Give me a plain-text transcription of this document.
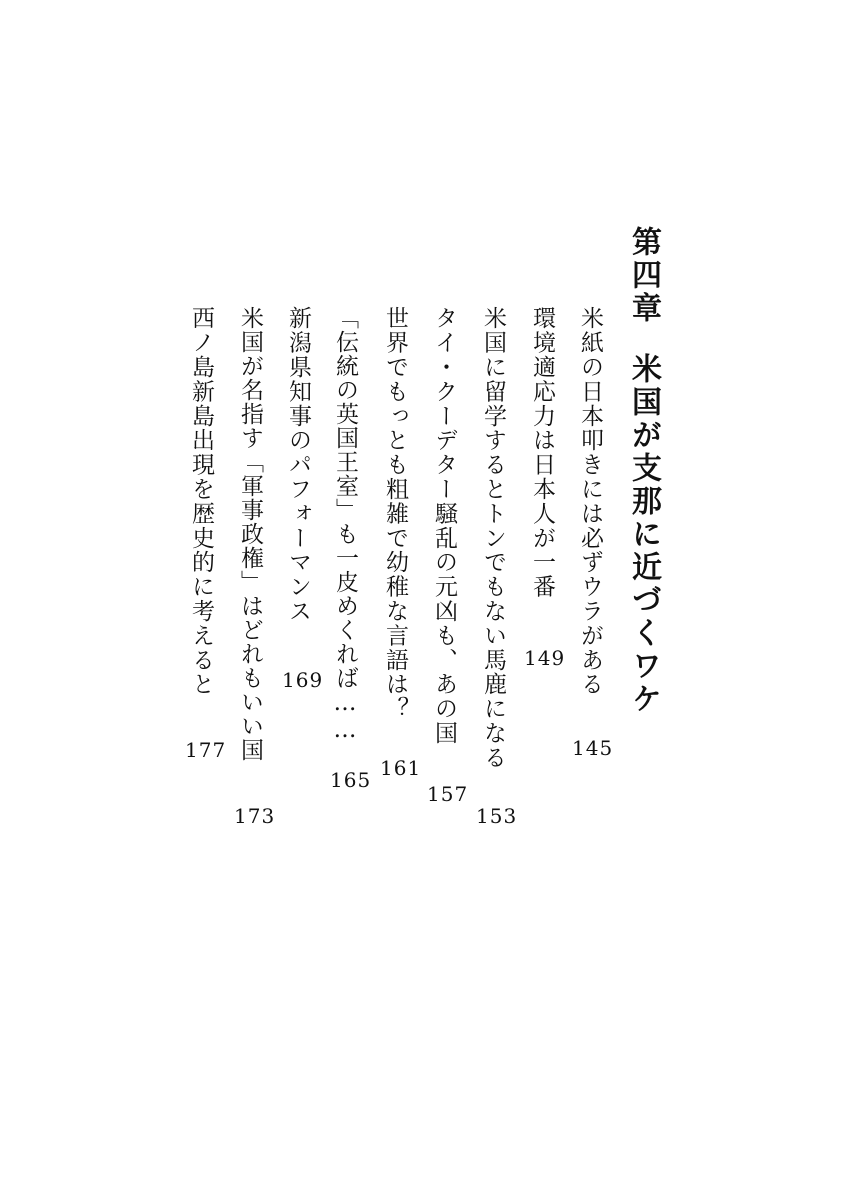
第四章米国が支那に近づくワケ
米紙の日本叩きには必ずウラがある
145
環境適応力は日本人が一番
149
米国に留学するとトンでもない馬鹿になる
153
タイ・クーデター騒乱の元凶も、あの国
157
世界でもっとも粗雑で幼稚な言語は？
161
「伝統の英国王室」も一皮めくれば……
165
新潟県知事のパフォーマンス
169
米国が名指す「軍事政権」はどれもいい国
173
西ノ島新島出現を歴史的に考えると
177
